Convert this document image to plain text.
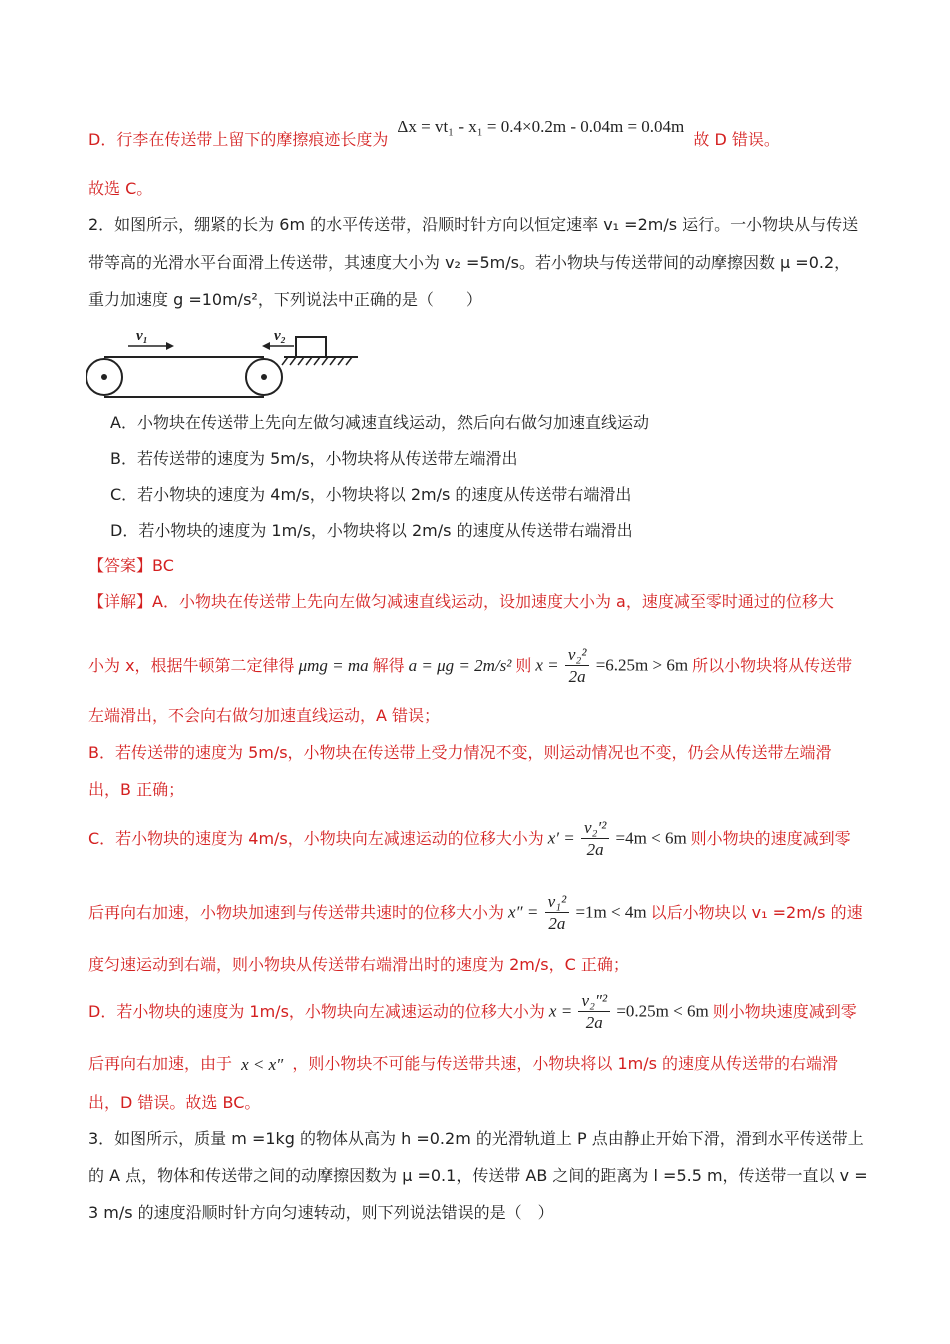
D．行李在传送带上留下的摩擦痕迹长度为 Δx = vt₁ - x₁ = 0.4×0.2m - 0.04m = 0.04m 故 D 错误。
故选 C。
2．如图所示，绷紧的长为 6m 的水平传送带，沿顺时针方向以恒定速率 v₁ =2m/s 运行。一小物块从与传送
带等高的光滑水平台面滑上传送带，其速度大小为 v₂ =5m/s。若小物块与传送带间的动摩擦因数 μ =0.2，
重力加速度 g =10m/s²，下列说法中正确的是（　　）
v₁	v₂
A．小物块在传送带上先向左做匀减速直线运动，然后向右做匀加速直线运动
B．若传送带的速度为 5m/s，小物块将从传送带左端滑出
C．若小物块的速度为 4m/s，小物块将以 2m/s 的速度从传送带右端滑出
D．若小物块的速度为 1m/s，小物块将以 2m/s 的速度从传送带右端滑出
【答案】BC
【详解】A．小物块在传送带上先向左做匀减速直线运动，设加速度大小为 a，速度减至零时通过的位移大
小为 x，根据牛顿第二定律得 μmg = ma 解得 a = μg = 2m/s² 则 $x = \frac{\text{v₂²}}{2a} =6.25m > 6m$ 所以小物块将从传送带
左端滑出，不会向右做匀加速直线运动，A 错误；
B．若传送带的速度为 5m/s，小物块在传送带上受力情况不变，则运动情况也不变，仍会从传送带左端滑
出，B 正确；
C．若小物块的速度为 4m/s，小物块向左减速运动的位移大小为 $x' = \frac{\text{v₂′²}}{2a} =4m < 6m$ 则小物块的速度减到零
后再向右加速，小物块加速到与传送带共速时的位移大小为 $x'' = \frac{\text{v₁²}}{2a} =1m < 4m$ 以后小物块以 v₁ =2m/s 的速
度匀速运动到右端，则小物块从传送带右端滑出时的速度为 2m/s，C 正确；
D．若小物块的速度为 1m/s，小物块向左减速运动的位移大小为 $x = \frac{\text{v₂″²}}{2a} =0.25m < 6m$ 则小物块速度减到零
后再向右加速，由于 x < x″ ，则小物块不可能与传送带共速，小物块将以 1m/s 的速度从传送带的右端滑
出，D 错误。故选 BC。
3．如图所示，质量 m =1kg 的物体从高为 h =0.2m 的光滑轨道上 P 点由静止开始下滑，滑到水平传送带上
的 A 点，物体和传送带之间的动摩擦因数为 μ =0.1，传送带 AB 之间的距离为 l =5.5 m，传送带一直以 v =
3 m/s 的速度沿顺时针方向匀速转动，则下列说法错误的是（　）
